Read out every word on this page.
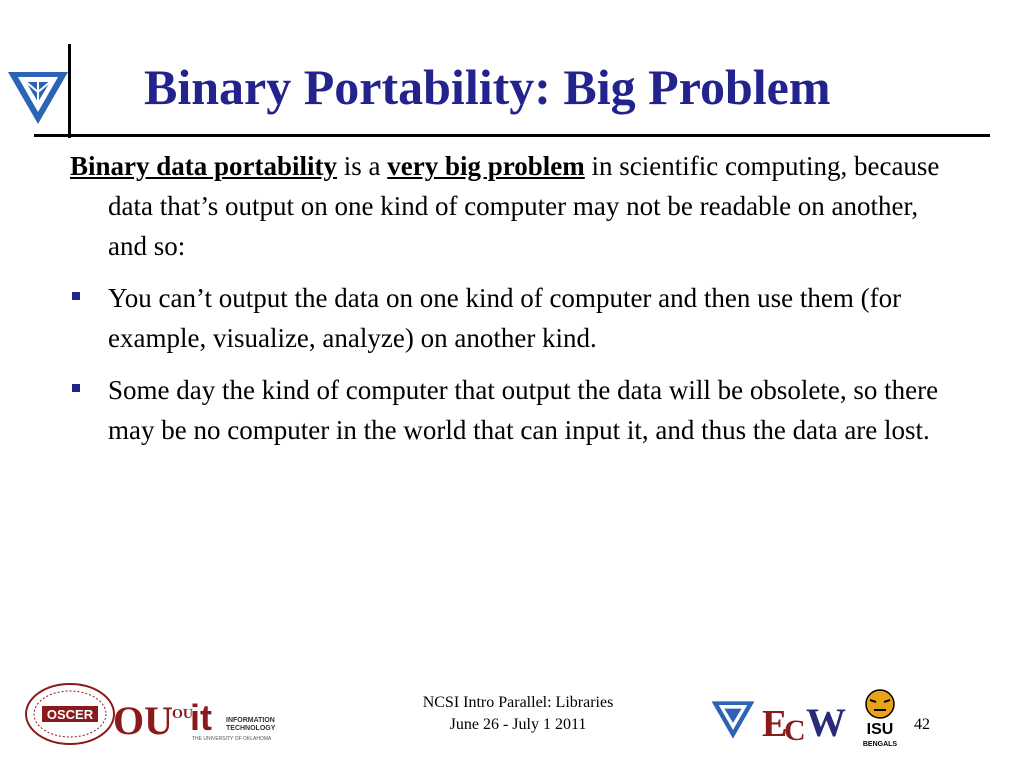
Binary Portability: Big Problem

Binary data portability is a very big problem in scientific computing, because data that’s output on one kind of computer may not be readable on another, and so:

You can’t output the data on one kind of computer and then use them (for example, visualize, analyze) on another kind.
Some day the kind of computer that output the data will be obsolete, so there may be no computer in the world that can input it, and thus the data are lost.
OSCER OU OU
it INFORMATION
TECHNOLOGY
THE UNIVERSITY OF OKLAHOMA
NCSI Intro Parallel: Libraries
June 26 - July 1 2011	E
C W ISU
BENGALS
42
